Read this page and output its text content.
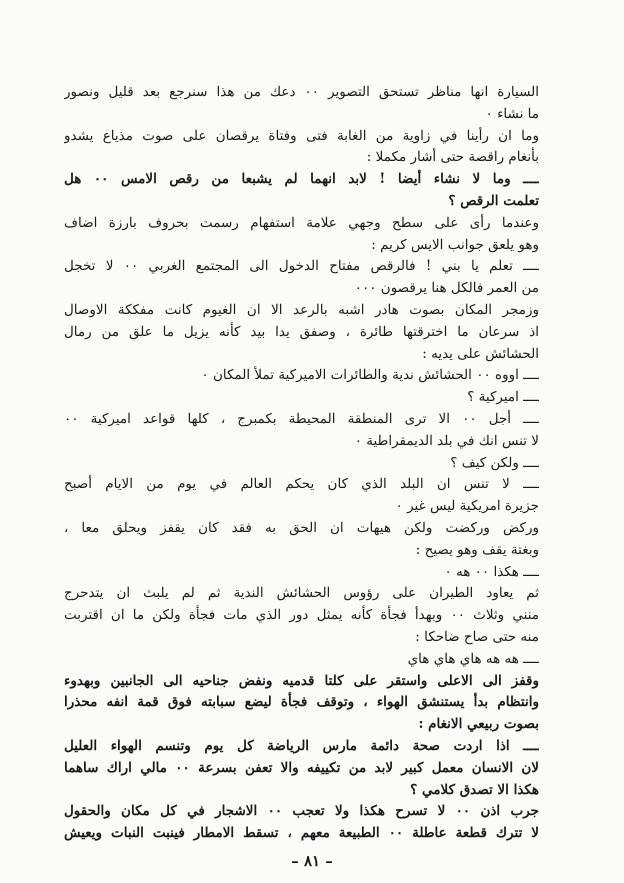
السيارة انها مناظر تستحق التصوير ٠٠ دعك من هذا سنرجع بعد قليل ونصور
ما نشاء ٠
وما ان رأينا في زاوية من الغابة فتى وفتاة يرقصان على صوت مذياع يشدو
بأنغام راقصة حتى أشار مكملا :
ــــ وما لا نشاء أيضا ! لابد انهما لم يشبعا من رقص الامس ٠٠ هل
تعلمت الرقص ؟
وعندما رأى على سطح وجهي علامة استفهام رسمت بحروف بارزة اضاف
وهو يلعق جوانب الايس كريم :
ــــ تعلم يا بني ! فالرقص مفتاح الدخول الى المجتمع الغربي ٠٠ لا تخجل
من العمر فالكل هنا يرقصون ٠٠٠
وزمجر المكان بصوت هادر اشبه بالرعد الا ان الغيوم كانت مفككة الاوصال
اذ سرعان ما اخترقتها طائرة ، وصفق يدا بيد كأنه يزيل ما علق من رمال
الحشائش على يديه :
ــــ اووه ٠٠ الحشائش ندية والطائرات الاميركية تملأ المكان ٠
ــــ اميركية ؟
ــــ أجل ٠٠ الا ترى المنطقة المحيطة بكمبرج ، كلها قواعد اميركية ٠٠
لا تنس انك في بلد الديمقراطية ٠
ــــ ولكن كيف ؟
ــــ لا تنس ان البلد الذي كان يحكم العالم في يوم من الايام أصبح
جزيرة امريكية ليس غير ٠
وركض وركضت ولكن هيهات ان الحق به فقد كان يقفز ويحلق معا ،
وبغتة يقف وهو يصيح :
ــــ هكذا ٠٠ هه ٠
ثم يعاود الطيران على رؤوس الحشائش الندية ثم لم يلبث ان يتدحرج
منني وثلاث ٠٠ وبهدأ فجأة كأنه يمثل دور الذي مات فجأة ولكن ما ان اقتربت
منه حتى صاح ضاحكا :
ــــ هه هه هاي هاي هاي
وقفز الى الاعلى واستقر على كلتا قدميه ونفض جناحيه الى الجانبين وبهدوء
وانتظام بدأ يستنشق الهواء ، وتوقف فجأة ليضع سبابته فوق قمة انفه محذرا
بصوت ربيعي الانغام :
ــــ اذا اردت صحة دائمة مارس الرياضة كل يوم وتنسم الهواء العليل
لان الانسان معمل كبير لابد من تكييفه والا تعفن بسرعة ٠٠ مالي اراك ساهما
هكذا الا تصدق كلامي ؟
جرب اذن ٠٠ لا تسرح هكذا ولا تعجب ٠٠ الاشجار في كل مكان والحقول
لا تترك قطعة عاطلة ٠٠ الطبيعة معهم ، تسقط الامطار فينبت النبات ويعيش
– ٨١ –
